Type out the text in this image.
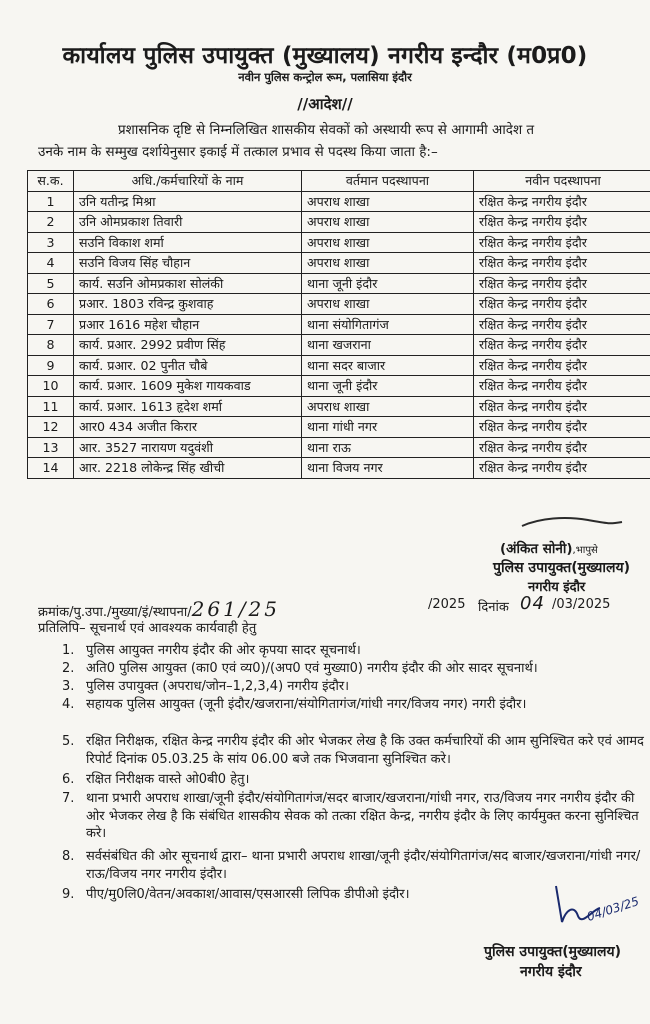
कार्यालय पुलिस उपायुक्त (मुख्यालय) नगरीय इन्दौर (म0प्र0)
नवीन पुलिस कन्ट्रोल रूम, पलासिया इंदौर
//आदेश//
प्रशासनिक दृष्टि से निम्नलिखित शासकीय सेवकों को अस्थायी रूप से आगामी आदेश त
उनके नाम के सम्मुख दर्शायेनुसार इकाई में तत्काल प्रभाव से पदस्थ किया जाता है:–
स.क.	अधि./कर्मचारियों के नाम	वर्तमान पदस्थापना	नवीन पदस्थापना
1	उनि यतीन्द्र मिश्रा	अपराध शाखा	रक्षित केन्द्र नगरीय इंदौर
2	उनि ओमप्रकाश तिवारी	अपराध शाखा	रक्षित केन्द्र नगरीय इंदौर
3	सउनि विकाश शर्मा	अपराध शाखा	रक्षित केन्द्र नगरीय इंदौर
4	सउनि विजय सिंह चौहान	अपराध शाखा	रक्षित केन्द्र नगरीय इंदौर
5	कार्य. सउनि ओमप्रकाश सोलंकी	थाना जूनी इंदौर	रक्षित केन्द्र नगरीय इंदौर
6	प्रआर. 1803 रविन्द्र कुशवाह	अपराध शाखा	रक्षित केन्द्र नगरीय इंदौर
7	प्रआर 1616 महेश चौहान	थाना संयोगितागंज	रक्षित केन्द्र नगरीय इंदौर
8	कार्य. प्रआर. 2992 प्रवीण सिंह	थाना खजराना	रक्षित केन्द्र नगरीय इंदौर
9	कार्य. प्रआर. 02 पुनीत चौबे	थाना सदर बाजार	रक्षित केन्द्र नगरीय इंदौर
10	कार्य. प्रआर. 1609 मुकेश गायकवाड	थाना जूनी इंदौर	रक्षित केन्द्र नगरीय इंदौर
11	कार्य. प्रआर. 1613 हृदेश शर्मा	अपराध शाखा	रक्षित केन्द्र नगरीय इंदौर
12	आर0 434 अजीत किरार	थाना गांधी नगर	रक्षित केन्द्र नगरीय इंदौर
13	आर. 3527 नारायण यदुवंशी	थाना राऊ	रक्षित केन्द्र नगरीय इंदौर
14	आर. 2218 लोकेन्द्र सिंह खीची	थाना विजय नगर	रक्षित केन्द्र नगरीय इंदौर
(अंकित सोनी),भापुसे
पुलिस उपायुक्त(मुख्यालय)
नगरीय इंदौर
क्रमांक/पु.उपा./मुख्या/इं/स्थापना/261/25	/2025 दिनांक 04 /03/2025
प्रतिलिपि– सूचनार्थ एवं आवश्यक कार्यवाही हेतु
1. पुलिस आयुक्त नगरीय इंदौर की ओर कृपया सादर सूचनार्थ।
2. अति0 पुलिस आयुक्त (का0 एवं व्य0)/(अप0 एवं मुख्या0) नगरीय इंदौर की ओर सादर सूचनार्थ।
3. पुलिस उपायुक्त (अपराध/जोन–1,2,3,4) नगरीय इंदौर।
4. सहायक पुलिस आयुक्त (जूनी इंदौर/खजराना/संयोगितागंज/गांधी नगर/विजय नगर) नगरी इंदौर।
5. रक्षित निरीक्षक, रक्षित केन्द्र नगरीय इंदौर की ओर भेजकर लेख है कि उक्त कर्मचारियों की आम सुनिश्चित करे एवं आमद रिपोर्ट दिनांक 05.03.25 के सांय 06.00 बजे तक भिजवाना सुनिश्चित करे।
6. रक्षित निरीक्षक वास्ते ओ0बी0 हेतु।
7. थाना प्रभारी अपराध शाखा/जूनी इंदौर/संयोगितागंज/सदर बाजार/खजराना/गांधी नगर, राउ/विजय नगर नगरीय इंदौर की ओर भेजकर लेख है कि संबंधित शासकीय सेवक को तत्का रक्षित केन्द्र, नगरीय इंदौर के लिए कार्यमुक्त करना सुनिश्चित करे।
8. सर्वसंबंधित की ओर सूचनार्थ द्वारा– थाना प्रभारी अपराध शाखा/जूनी इंदौर/संयोगितागंज/सद बाजार/खजराना/गांधी नगर/ राऊ/विजय नगर नगरीय इंदौर।
9. पीए/मु0लि0/वेतन/अवकाश/आवास/एसआरसी लिपिक डीपीओ इंदौर।	04/03/25
पुलिस उपायुक्त(मुख्यालय)
नगरीय इंदौर
